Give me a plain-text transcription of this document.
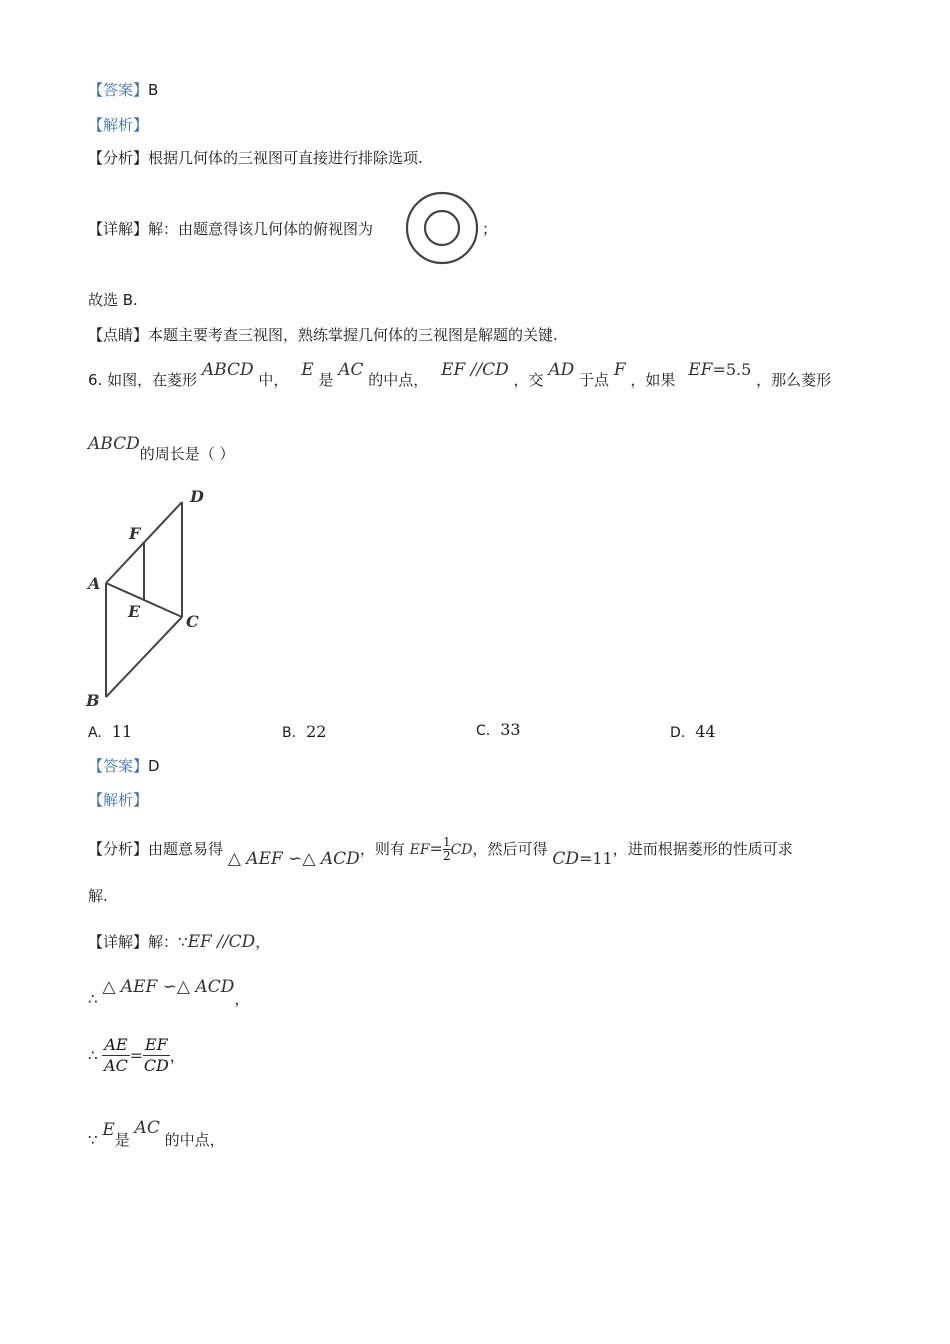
【答案】B
【解析】
【分析】根据几何体的三视图可直接进行排除选项.
【详解】解：由题意得该几何体的俯视图为	；
故选 B.
【点睛】本题主要考查三视图，熟练掌握几何体的三视图是解题的关键.
6. 如图，在菱形 ABCD 中， E 是 AC 的中点， EF //CD ，交 AD 于点 F ，如果 EF=5.5 ，那么菱形
ABCD的周长是（ ）
A
B
C
D
E
F
A. 11	B. 22	C. 33	D. 44
【答案】D
【解析】
【分析】由题意易得 △ AEF ∽△ ACD，则有 $EF= \frac{1}{2}CD$，然后可得 CD=11，进而根据菱形的性质可求
解.
【详解】解：∵EF //CD，
∴ △ AEF ∽△ ACD，
∴ $\frac{AE}{AC} = \frac{EF}{CD}$ ，
∵ E是 AC 的中点，
